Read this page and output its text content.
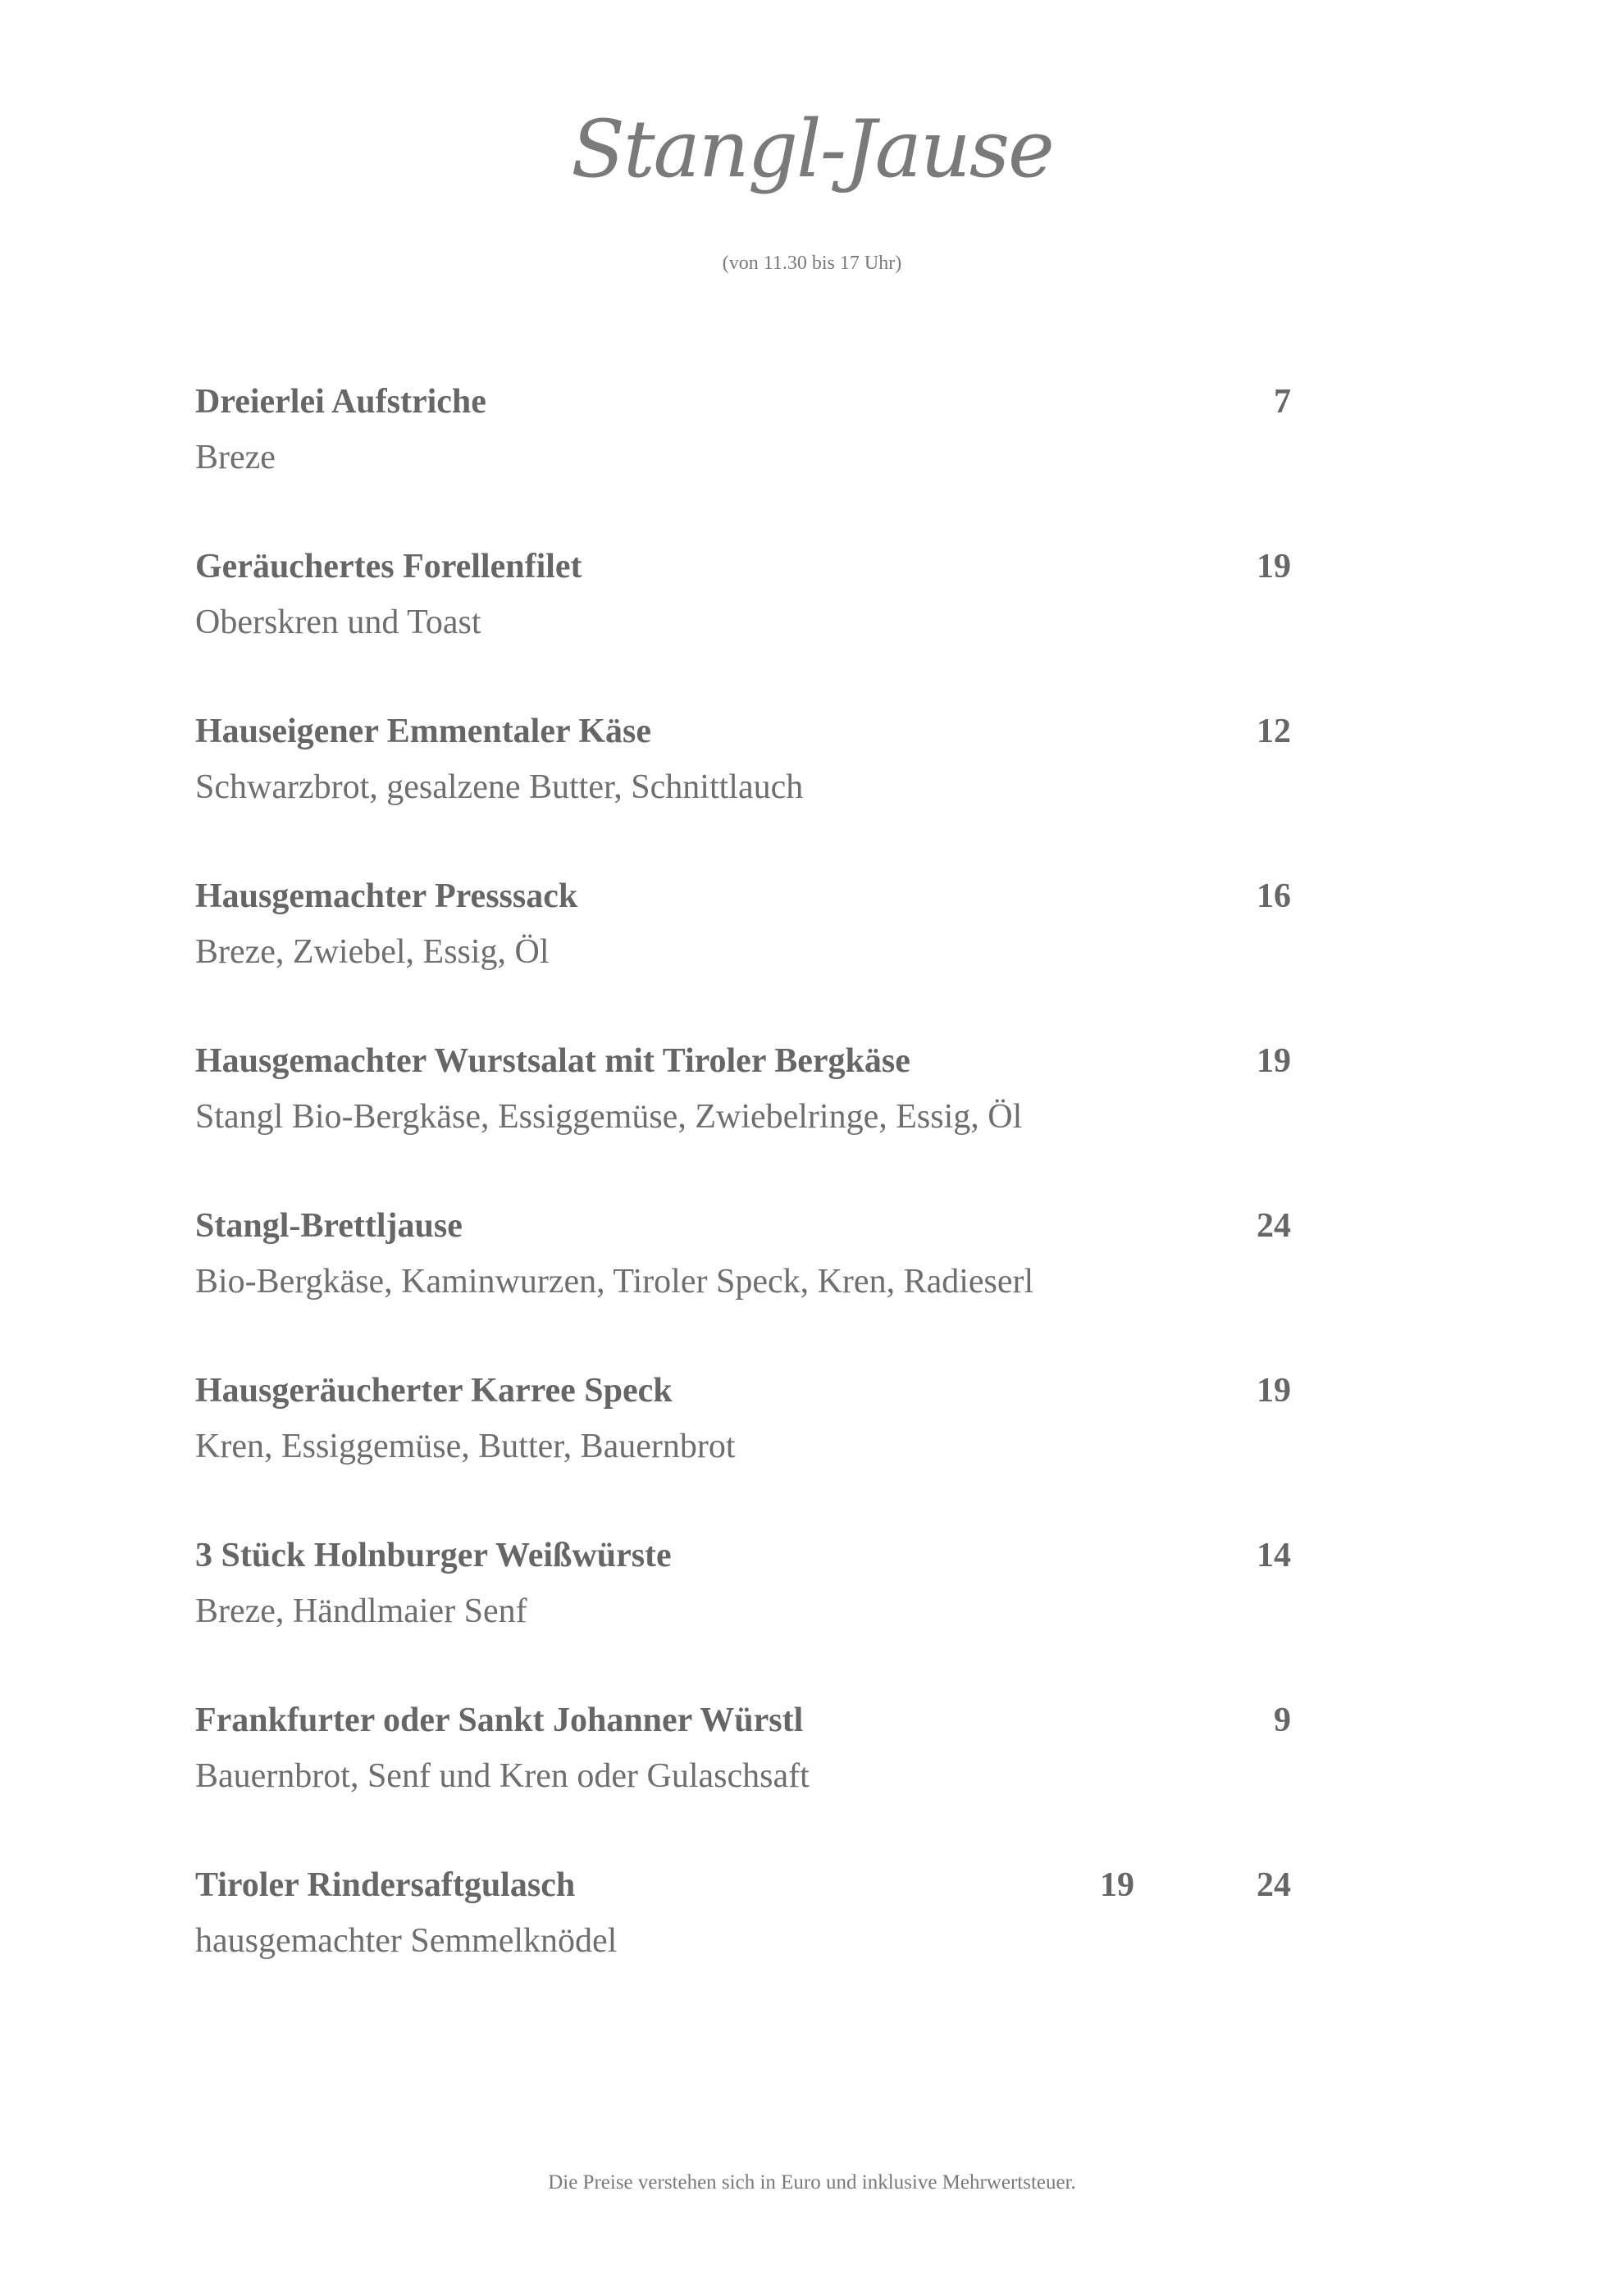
Stangl-Jause
(von 11.30 bis 17 Uhr)
Dreierlei Aufstriche	7
Breze
Geräuchertes Forellenfilet	19
Oberskren und Toast
Hauseigener Emmentaler Käse	12
Schwarzbrot, gesalzene Butter, Schnittlauch
Hausgemachter Presssack	16
Breze, Zwiebel, Essig, Öl
Hausgemachter Wurstsalat mit Tiroler Bergkäse	19
Stangl Bio-Bergkäse, Essiggemüse, Zwiebelringe, Essig, Öl
Stangl-Brettljause	24
Bio-Bergkäse, Kaminwurzen, Tiroler Speck, Kren, Radieserl
Hausgeräucherter Karree Speck	19
Kren, Essiggemüse, Butter, Bauernbrot
3 Stück Holnburger Weißwürste	14
Breze, Händlmaier Senf
Frankfurter oder Sankt Johanner Würstl	9
Bauernbrot, Senf und Kren oder Gulaschsaft
Tiroler Rindersaftgulasch	19	24
hausgemachter Semmelknödel
Die Preise verstehen sich in Euro und inklusive Mehrwertsteuer.
